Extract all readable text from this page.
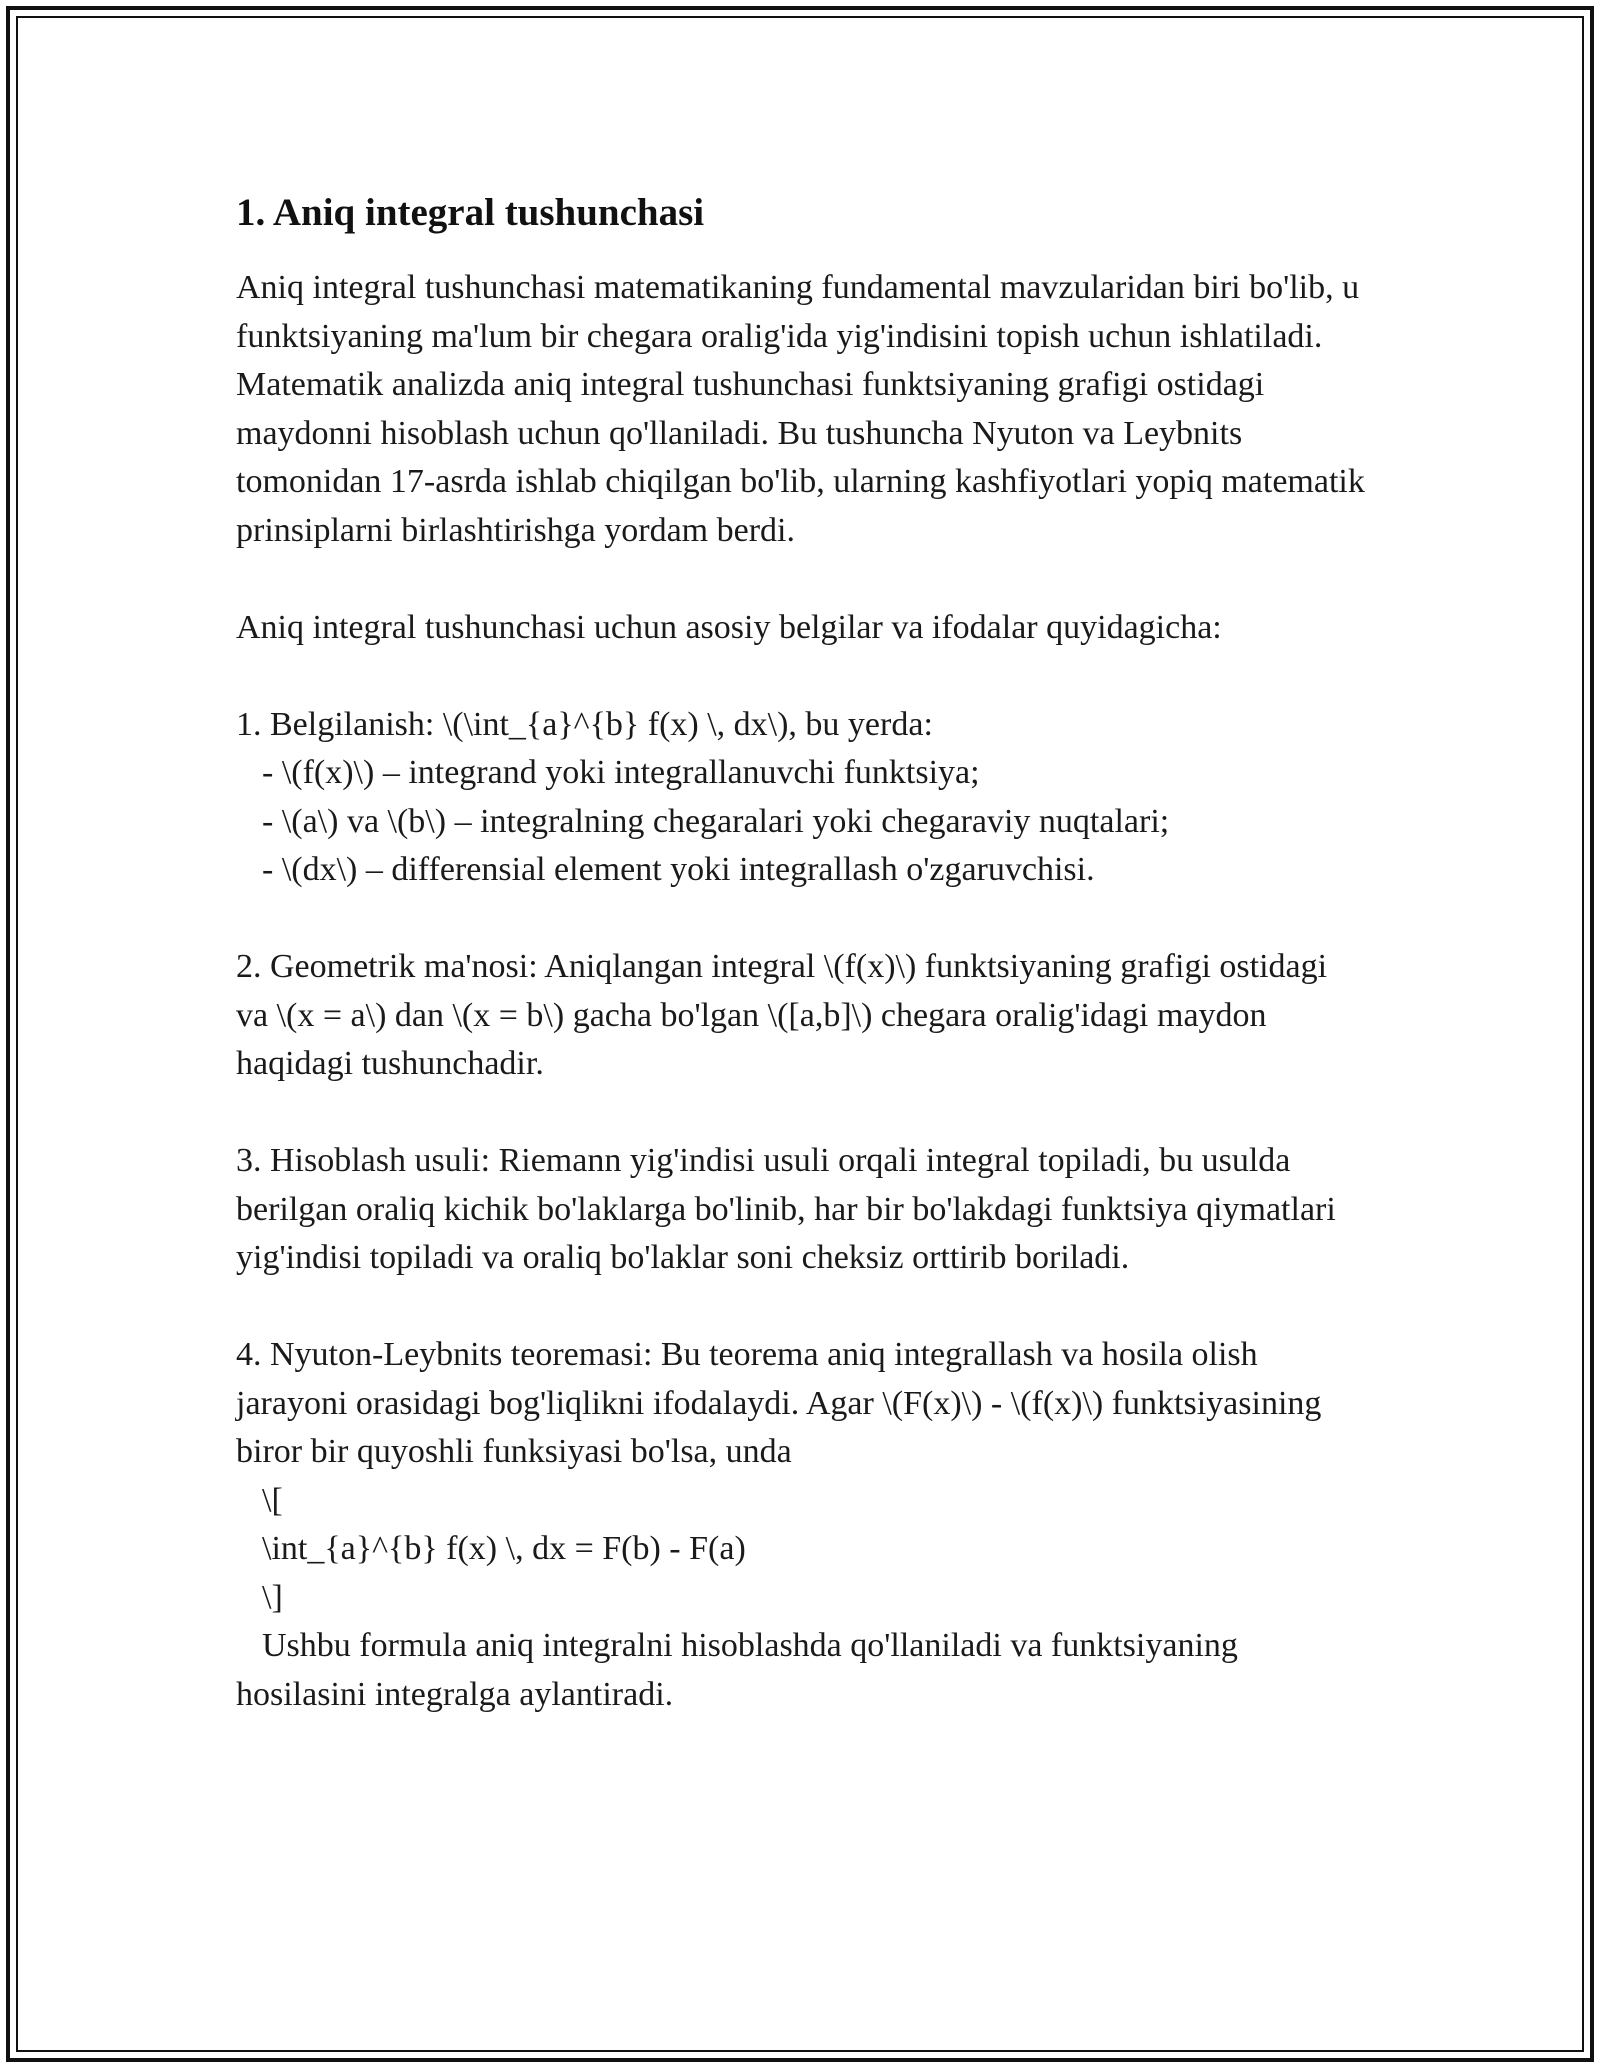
1. Aniq integral tushunchasi

Aniq integral tushunchasi matematikaning fundamental mavzularidan biri bo'lib, u funktsiyaning ma'lum bir chegara oralig'ida yig'indisini topish uchun ishlatiladi. Matematik analizda aniq integral tushunchasi funktsiyaning grafigi ostidagi maydonni hisoblash uchun qo'llaniladi. Bu tushuncha Nyuton va Leybnits tomonidan 17-asrda ishlab chiqilgan bo'lib, ularning kashfiyotlari yopiq matematik prinsiplarni birlashtirishga yordam berdi.

Aniq integral tushunchasi uchun asosiy belgilar va ifodalar quyidagicha:

1. Belgilanish: \(\int_{a}^{b} f(x) \, dx\), bu yerda:

- \(f(x)\) – integrand yoki integrallanuvchi funktsiya;
- \(a\) va \(b\) – integralning chegaralari yoki chegaraviy nuqtalari;
- \(dx\) – differensial element yoki integrallash o'zgaruvchisi.

2. Geometrik ma'nosi: Aniqlangan integral \(f(x)\) funktsiyaning grafigi ostidagi va \(x = a\) dan \(x = b\) gacha bo'lgan \([a,b]\) chegara oralig'idagi maydon haqidagi tushunchadir.

3. Hisoblash usuli: Riemann yig'indisi usuli orqali integral topiladi, bu usulda berilgan oraliq kichik bo'laklarga bo'linib, har bir bo'lakdagi funktsiya qiymatlari yig'indisi topiladi va oraliq bo'laklar soni cheksiz orttirib boriladi.

4. Nyuton-Leybnits teoremasi: Bu teorema aniq integrallash va hosila olish jarayoni orasidagi bog'liqlikni ifodalaydi. Agar \(F(x)\) - \(f(x)\) funktsiyasining biror bir quyoshli funksiyasi bo'lsa, unda

\[
\int_{a}^{b} f(x) \, dx = F(b) - F(a)
\]

Ushbu formula aniq integralni hisoblashda qo'llaniladi va funktsiyaning hosilasini integralga aylantiradi.
